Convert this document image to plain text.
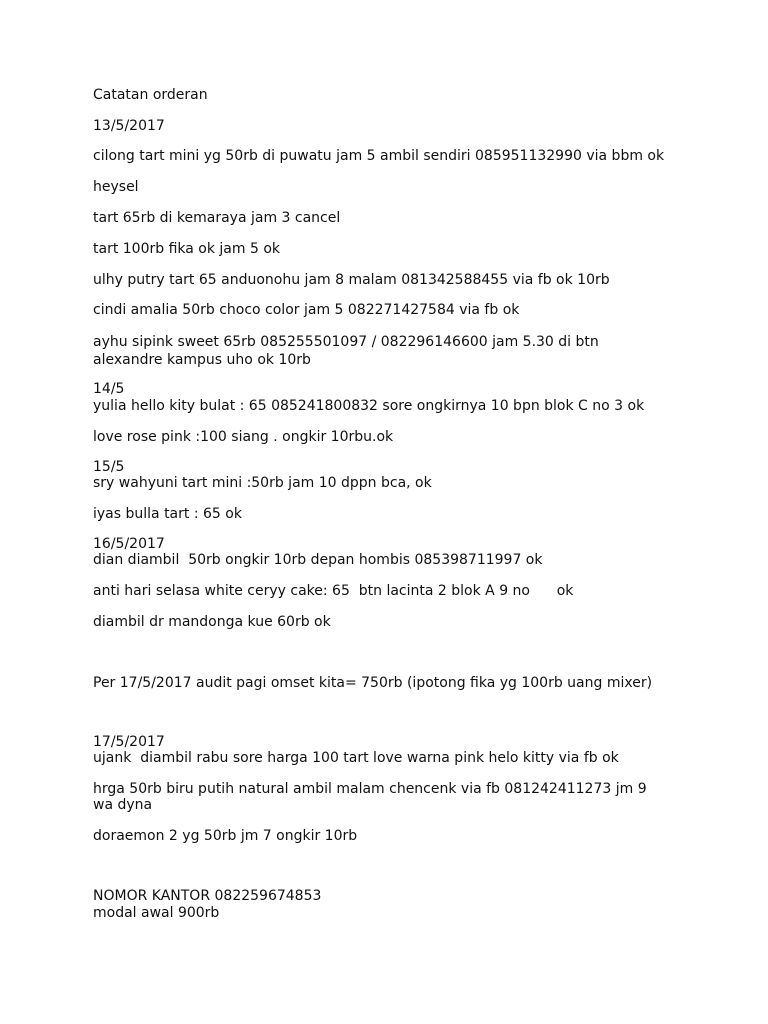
Catatan orderan

13/5/2017

cilong tart mini yg 50rb di puwatu jam 5 ambil sendiri 085951132990 via bbm ok

heysel

tart 65rb di kemaraya jam 3 cancel

tart 100rb fika ok jam 5 ok

ulhy putry tart 65 anduonohu jam 8 malam 081342588455 via fb ok 10rb

cindi amalia 50rb choco color jam 5 082271427584 via fb ok

ayhu sipink sweet 65rb 085255501097 / 082296146600 jam 5.30 di btn

alexandre kampus uho ok 10rb

14/5

yulia hello kity bulat : 65 085241800832 sore ongkirnya 10 bpn blok C no 3 ok

love rose pink :100 siang . ongkir 10rbu.ok

15/5

sry wahyuni tart mini :50rb jam 10 dppn bca, ok

iyas bulla tart : 65 ok

16/5/2017

dian diambil  50rb ongkir 10rb depan hombis 085398711997 ok

anti hari selasa white ceryy cake: 65  btn lacinta 2 blok A 9 no      ok

diambil dr mandonga kue 60rb ok

Per 17/5/2017 audit pagi omset kita= 750rb (ipotong fika yg 100rb uang mixer)

17/5/2017

ujank  diambil rabu sore harga 100 tart love warna pink helo kitty via fb ok

hrga 50rb biru putih natural ambil malam chencenk via fb 081242411273 jm 9

wa dyna

doraemon 2 yg 50rb jm 7 ongkir 10rb

NOMOR KANTOR 082259674853

modal awal 900rb
